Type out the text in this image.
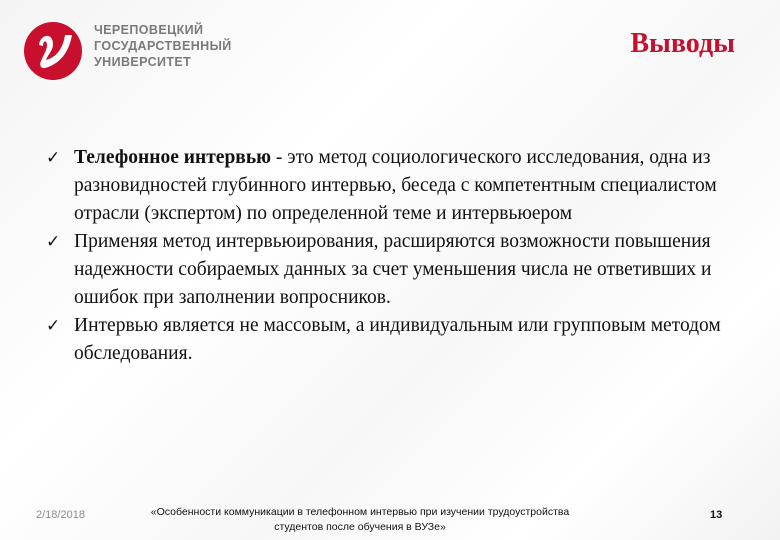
ЧЕРЕПОВЕЦКИЙ
ГОСУДАРСТВЕННЫЙ
УНИВЕРСИТЕТ
Выводы

✓ Телефонное интервью - это метод социологического исследования, одна из разновидностей глубинного интервью, беседа с компетентным специалистом отрасли (экспертом) по определенной теме и интервьюером

✓ Применяя метод интервьюирования, расширяются возможности повышения надежности собираемых данных за счет уменьшения числа не ответивших и ошибок при заполнении вопросников.

✓ Интервью является не массовым, а индивидуальным или групповым методом обследования.

2/18/2018	«Особенности коммуникации в телефонном интервью при изучении трудоустройства
студентов после обучения в ВУЗе»
13
